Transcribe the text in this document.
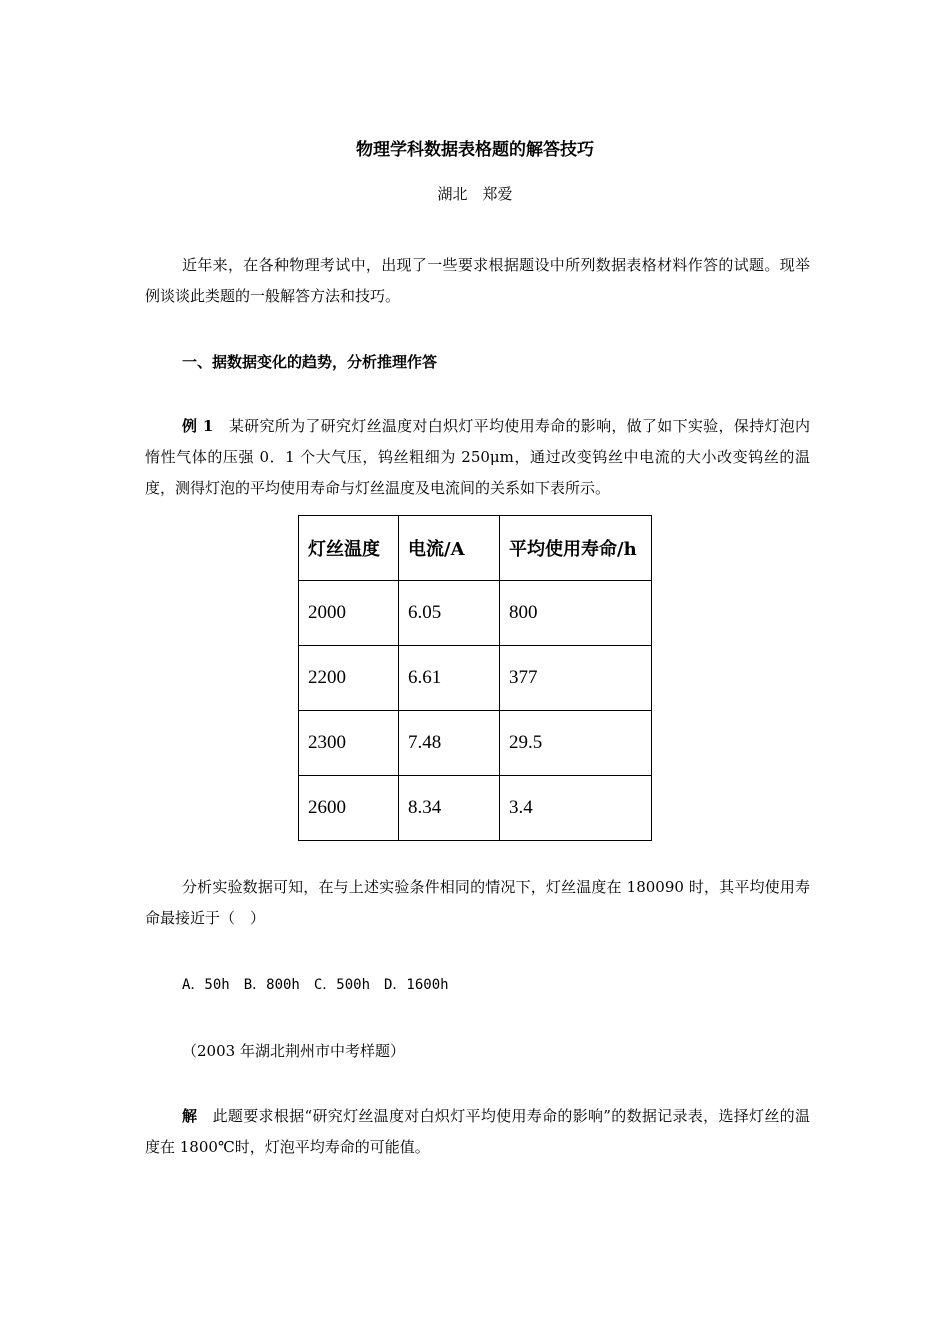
物理学科数据表格题的解答技巧
湖北　郑爱

近年来，在各种物理考试中，出现了一些要求根据题设中所列数据表格材料作答的试题。现举例谈谈此类题的一般解答方法和技巧。

一、据数据变化的趋势，分析推理作答

例 1　某研究所为了研究灯丝温度对白炽灯平均使用寿命的影响，做了如下实验，保持灯泡内惰性气体的压强 0．1 个大气压，钨丝粗细为 250μm，通过改变钨丝中电流的大小改变钨丝的温度，测得灯泡的平均使用寿命与灯丝温度及电流间的关系如下表所示。

灯丝温度	电流/A	平均使用寿命/h
2000	6.05	800
2200	6.61	377
2300	7.48	29.5
2600	8.34	3.4

分析实验数据可知，在与上述实验条件相同的情况下，灯丝温度在 180090 时，其平均使用寿命最接近于（　）

A．50h　B．800h　C．500h　D．1600h
（2003 年湖北荆州市中考样题）

解　此题要求根据“研究灯丝温度对白炽灯平均使用寿命的影响”的数据记录表，选择灯丝的温度在 1800℃时，灯泡平均寿命的可能值。
